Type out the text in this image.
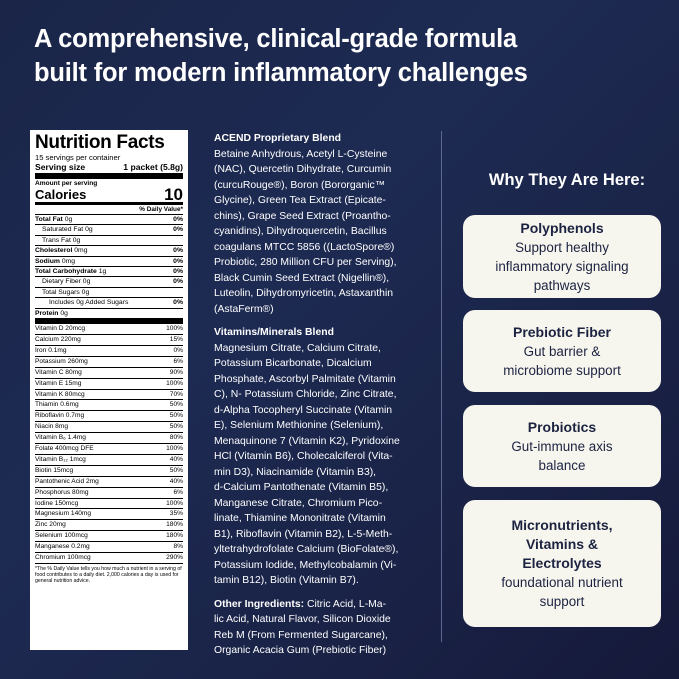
A comprehensive, clinical-grade formula
built for modern inflammatory challenges
Nutrition Facts
15 servings per container
Serving size	1 packet (5.8g)
Amount per serving
Calories	10
% Daily Value*
Total Fat 0g	0%
Saturated Fat 0g	0%
Trans Fat 0g
Cholesterol 0mg	0%
Sodium 0mg	0%
Total Carbohydrate 1g	0%
Dietary Fiber 0g	0%
Total Sugars 0g
Includes 0g Added Sugars	0%
Protein 0g
Vitamin D 20mcg	100%
Calcium 220mg	15%
Iron 0.1mg	0%
Potassium 260mg	6%
Vitamin C 80mg	90%
Vitamin E 15mg	100%
Vitamin K 80mcg	70%
Thiamin 0.6mg	50%
Riboflavin 0.7mg	50%
Niacin 8mg	50%
Vitamin B₆ 1.4mg	80%
Folate 400mcg DFE	100%
Vitamin B₁₂ 1mcg	40%
Biotin 15mcg	50%
Pantothenic Acid 2mg	40%
Phosphorus 80mg	6%
Iodine 150mcg	100%
Magnesium 140mg	35%
Zinc 20mg	180%
Selenium 100mcg	180%
Manganese 0.2mg	8%
Chromium 100mcg	290%
*The % Daily Value tells you how much a nutrient in a serving of food contributes to a daily diet. 2,000 calories a day is used for general nutrition advice.

ACEND Proprietary Blend
Betaine Anhydrous, Acetyl L-Cysteine
(NAC), Quercetin Dihydrate, Curcumin
(curcuRouge®), Boron (Bororganic™
Glycine), Green Tea Extract (Epicate-
chins), Grape Seed Extract (Proantho-
cyanidins), Dihydroquercetin, Bacillus
coagulans MTCC 5856 ((LactoSpore®)
Probiotic, 280 Million CFU per Serving),
Black Cumin Seed Extract (Nigellin®),
Luteolin, Dihydromyricetin, Astaxanthin
(AstaFerm®)

Vitamins/Minerals Blend
Magnesium Citrate, Calcium Citrate,
Potassium Bicarbonate, Dicalcium
Phosphate, Ascorbyl Palmitate (Vitamin
C), N- Potassium Chloride, Zinc Citrate,
d-Alpha Tocopheryl Succinate (Vitamin
E), Selenium Methionine (Selenium),
Menaquinone 7 (Vitamin K2), Pyridoxine
HCl (Vitamin B6), Cholecalciferol (Vita-
min D3), Niacinamide (Vitamin B3),
d-Calcium Pantothenate (Vitamin B5),
Manganese Citrate, Chromium Pico-
linate, Thiamine Mononitrate (Vitamin
B1), Riboflavin (Vitamin B2), L-5-Meth-
yltetrahydrofolate Calcium (BioFolate®),
Potassium Iodide, Methylcobalamin (Vi-
tamin B12), Biotin (Vitamin B7).

Other Ingredients: Citric Acid, L-Ma-
lic Acid, Natural Flavor, Silicon Dioxide
Reb M (From Fermented Sugarcane),
Organic Acacia Gum (Prebiotic Fiber)

Why They Are Here:
Polyphenols
Support healthy
inflammatory signaling
pathways
Prebiotic Fiber
Gut barrier &
microbiome support
Probiotics
Gut-immune axis
balance
Micronutrients,
Vitamins &
Electrolytes
foundational nutrient
support
